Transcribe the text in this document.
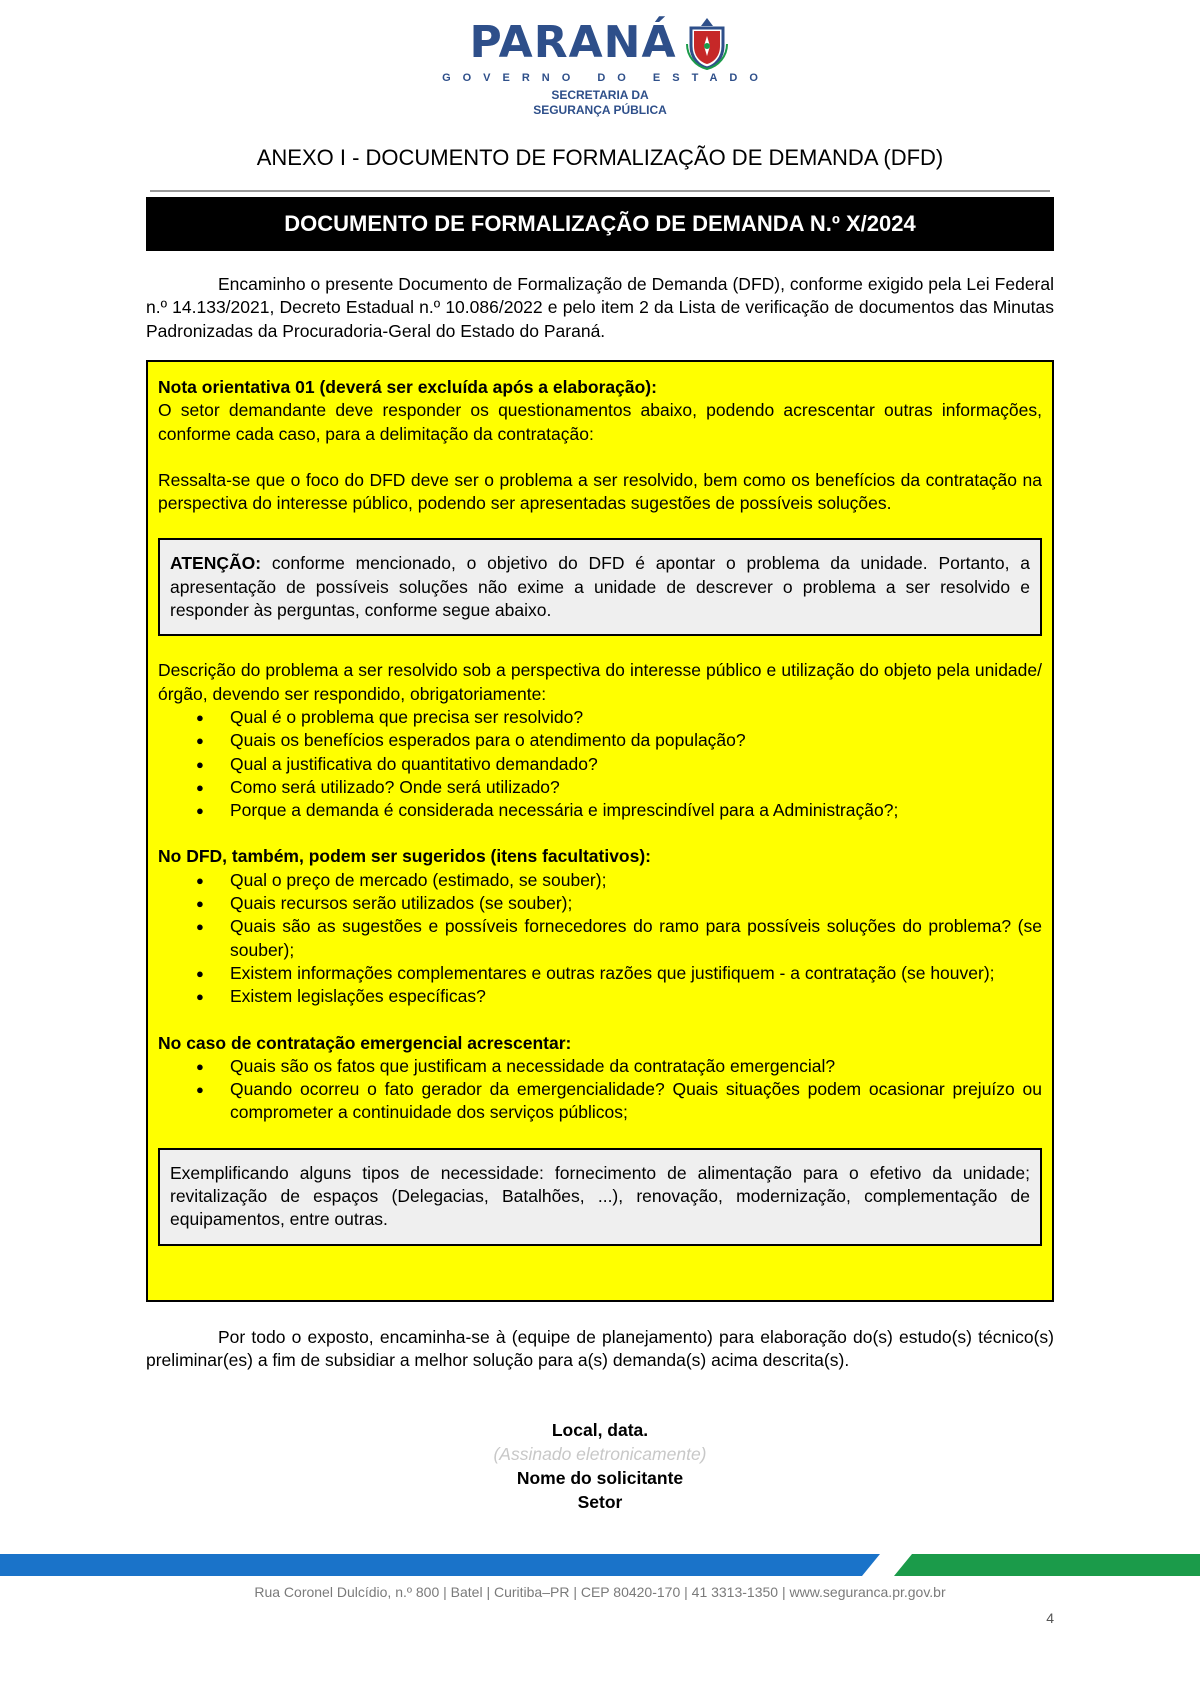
PARANÁ
GOVERNO DO ESTADO
SECRETARIA DA
SEGURANÇA PÚBLICA
ANEXO I - DOCUMENTO DE FORMALIZAÇÃO DE DEMANDA (DFD)
DOCUMENTO DE FORMALIZAÇÃO DE DEMANDA N.º X/2024

Encaminho o presente Documento de Formalização de Demanda (DFD), conforme exigido pela Lei Federal n.º 14.133/2021, Decreto Estadual n.º 10.086/2022 e pelo item 2 da Lista de verificação de documentos das Minutas Padronizadas da Procuradoria-Geral do Estado do Paraná.

Nota orientativa 01 (deverá ser excluída após a elaboração):

O setor demandante deve responder os questionamentos abaixo, podendo acrescentar outras informações, conforme cada caso, para a delimitação da contratação:

Ressalta-se que o foco do DFD deve ser o problema a ser resolvido, bem como os benefícios da contratação na perspectiva do interesse público, podendo ser apresentadas sugestões de possíveis soluções.

ATENÇÃO: conforme mencionado, o objetivo do DFD é apontar o problema da unidade. Portanto, a apresentação de possíveis soluções não exime a unidade de descrever o problema a ser resolvido e responder às perguntas, conforme segue abaixo.

Descrição do problema a ser resolvido sob a perspectiva do interesse público e utilização do objeto pela unidade/órgão, devendo ser respondido, obrigatoriamente:

● Qual é o problema que precisa ser resolvido?
● Quais os benefícios esperados para o atendimento da população?
● Qual a justificativa do quantitativo demandado?
● Como será utilizado? Onde será utilizado?
● Porque a demanda é considerada necessária e imprescindível para a Administração?;

No DFD, também, podem ser sugeridos (itens facultativos):

● Qual o preço de mercado (estimado, se souber);
● Quais recursos serão utilizados (se souber);
● Quais são as sugestões e possíveis fornecedores do ramo para possíveis soluções do problema? (se souber);
● Existem informações complementares e outras razões que justifiquem - a contratação (se houver);
● Existem legislações específicas?

No caso de contratação emergencial acrescentar:

● Quais são os fatos que justificam a necessidade da contratação emergencial?
● Quando ocorreu o fato gerador da emergencialidade? Quais situações podem ocasionar prejuízo ou comprometer a continuidade dos serviços públicos;
Exemplificando alguns tipos de necessidade: fornecimento de alimentação para o efetivo da unidade; revitalização de espaços (Delegacias, Batalhões, ...), renovação, modernização, complementação de equipamentos, entre outras.

Por todo o exposto, encaminha-se à (equipe de planejamento) para elaboração do(s) estudo(s) técnico(s) preliminar(es) a fim de subsidiar a melhor solução para a(s) demanda(s) acima descrita(s).

Local, data.
(Assinado eletronicamente)
Nome do solicitante
Setor
Rua Coronel Dulcídio, n.º 800 | Batel | Curitiba–PR | CEP 80420-170 | 41 3313-1350 | www.seguranca.pr.gov.br
4
